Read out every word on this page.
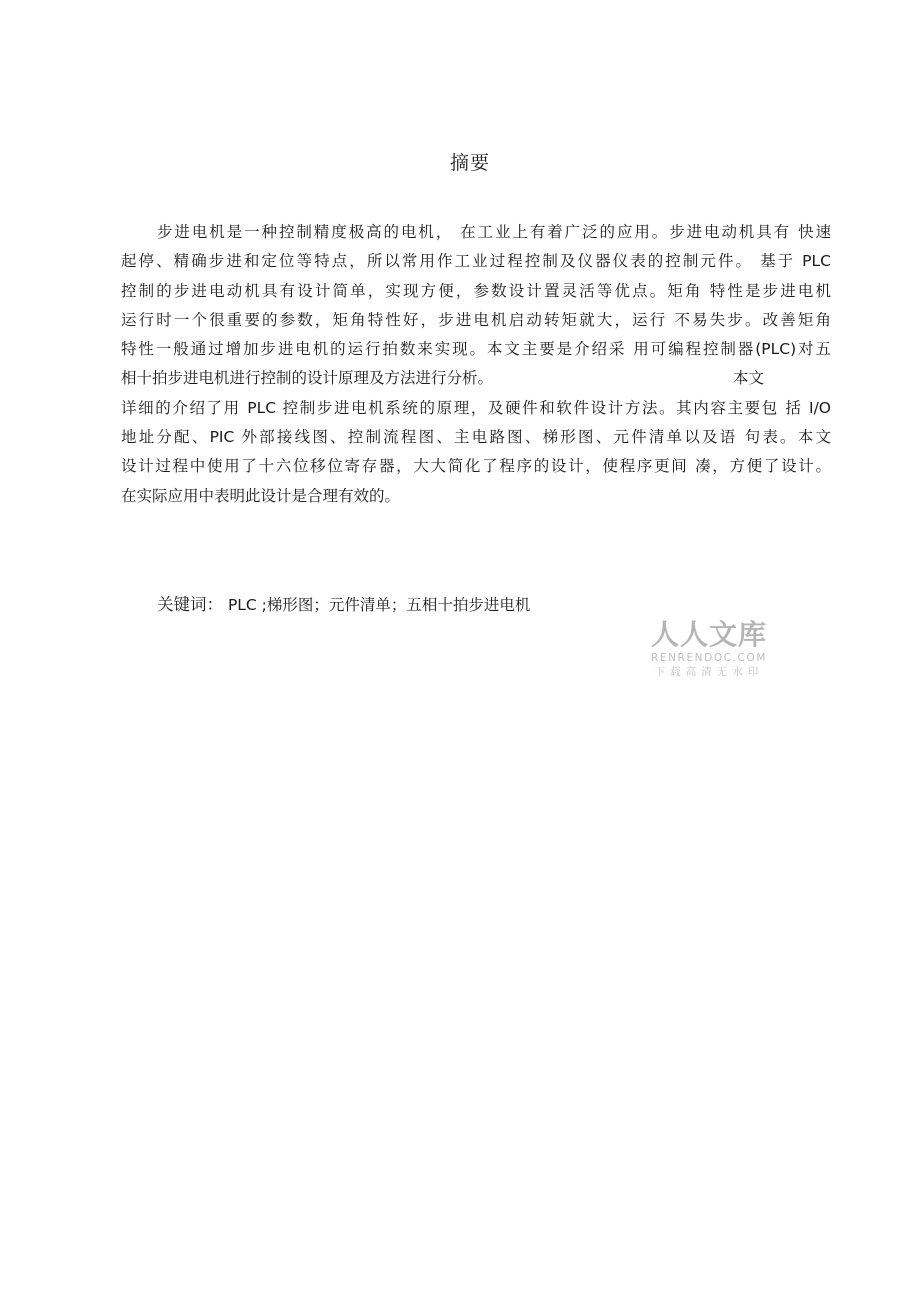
摘要
步进电机是一种控制精度极高的电机， 在工业上有着广泛的应用。步进电动机具有 快速
起停、精确步进和定位等特点，所以常用作工业过程控制及仪器仪表的控制元件。 基于 PLC
控制的步进电动机具有设计简单，实现方便，参数设计置灵活等优点。矩角 特性是步进电机
运行时一个很重要的参数，矩角特性好，步进电机启动转矩就大，运行 不易失步。改善矩角
特性一般通过增加步进电机的运行拍数来实现。本文主要是介绍采 用可编程控制器(PLC)对五
相十拍步进电机进行控制的设计原理及方法进行分析。	本文
详细的介绍了用 PLC 控制步进电机系统的原理，及硬件和软件设计方法。其内容主要包 括 I/O
地址分配、PIC 外部接线图、控制流程图、主电路图、梯形图、元件清单以及语 句表。本文
设计过程中使用了十六位移位寄存器，大大简化了程序的设计，使程序更间 凑，方便了设计。
在实际应用中表明此设计是合理有效的。
关键词： PLC ;梯形图；元件清单；五相十拍步进电机
人人文库
RENRENDOC.COM
下载高清无水印
